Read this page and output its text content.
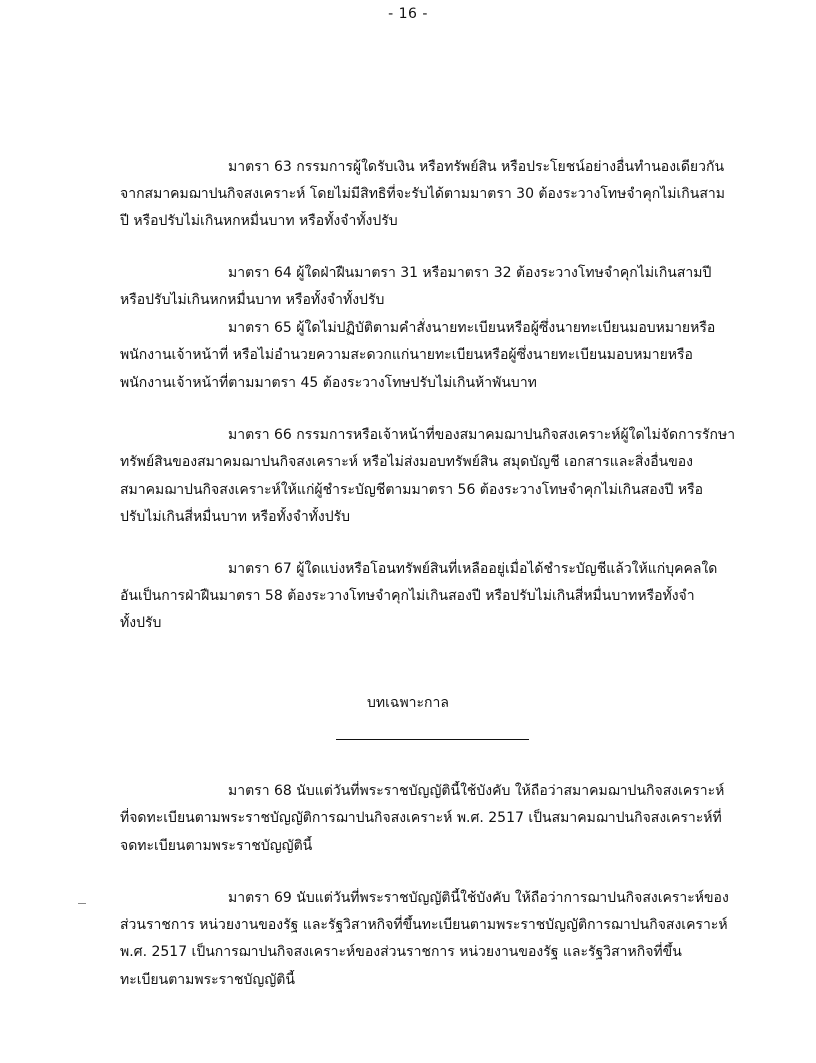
- 16 -
มาตรา 63 กรรมการผู้ใดรับเงิน หรือทรัพย์สิน หรือประโยชน์อย่างอื่นทำนองเดียวกัน
จากสมาคมฌาปนกิจสงเคราะห์ โดยไม่มีสิทธิที่จะรับได้ตามมาตรา 30 ต้องระวางโทษจำคุกไม่เกินสาม
ปี หรือปรับไม่เกินหกหมื่นบาท หรือทั้งจำทั้งปรับ
มาตรา 64 ผู้ใดฝ่าฝืนมาตรา 31 หรือมาตรา 32 ต้องระวางโทษจำคุกไม่เกินสามปี
หรือปรับไม่เกินหกหมื่นบาท หรือทั้งจำทั้งปรับ
มาตรา 65 ผู้ใดไม่ปฏิบัติตามคำสั่งนายทะเบียนหรือผู้ซึ่งนายทะเบียนมอบหมายหรือ
พนักงานเจ้าหน้าที่ หรือไม่อำนวยความสะดวกแก่นายทะเบียนหรือผู้ซึ่งนายทะเบียนมอบหมายหรือ
พนักงานเจ้าหน้าที่ตามมาตรา 45 ต้องระวางโทษปรับไม่เกินห้าพันบาท
มาตรา 66 กรรมการหรือเจ้าหน้าที่ของสมาคมฌาปนกิจสงเคราะห์ผู้ใดไม่จัดการรักษา
ทรัพย์สินของสมาคมฌาปนกิจสงเคราะห์ หรือไม่ส่งมอบทรัพย์สิน สมุดบัญชี เอกสารและสิ่งอื่นของ
สมาคมฌาปนกิจสงเคราะห์ให้แก่ผู้ชำระบัญชีตามมาตรา 56 ต้องระวางโทษจำคุกไม่เกินสองปี หรือ
ปรับไม่เกินสี่หมื่นบาท หรือทั้งจำทั้งปรับ
มาตรา 67 ผู้ใดแบ่งหรือโอนทรัพย์สินที่เหลืออยู่เมื่อได้ชำระบัญชีแล้วให้แก่บุคคลใด
อันเป็นการฝ่าฝืนมาตรา 58 ต้องระวางโทษจำคุกไม่เกินสองปี หรือปรับไม่เกินสี่หมื่นบาทหรือทั้งจำ
ทั้งปรับ
บทเฉพาะกาล
มาตรา 68 นับแต่วันที่พระราชบัญญัตินี้ใช้บังคับ ให้ถือว่าสมาคมฌาปนกิจสงเคราะห์
ที่จดทะเบียนตามพระราชบัญญัติการฌาปนกิจสงเคราะห์ พ.ศ. 2517 เป็นสมาคมฌาปนกิจสงเคราะห์ที่
จดทะเบียนตามพระราชบัญญัตินี้
มาตรา 69 นับแต่วันที่พระราชบัญญัตินี้ใช้บังคับ ให้ถือว่าการฌาปนกิจสงเคราะห์ของ
ส่วนราชการ หน่วยงานของรัฐ และรัฐวิสาหกิจที่ขึ้นทะเบียนตามพระราชบัญญัติการฌาปนกิจสงเคราะห์
พ.ศ. 2517 เป็นการฌาปนกิจสงเคราะห์ของส่วนราชการ หน่วยงานของรัฐ และรัฐวิสาหกิจที่ขึ้น
ทะเบียนตามพระราชบัญญัตินี้
